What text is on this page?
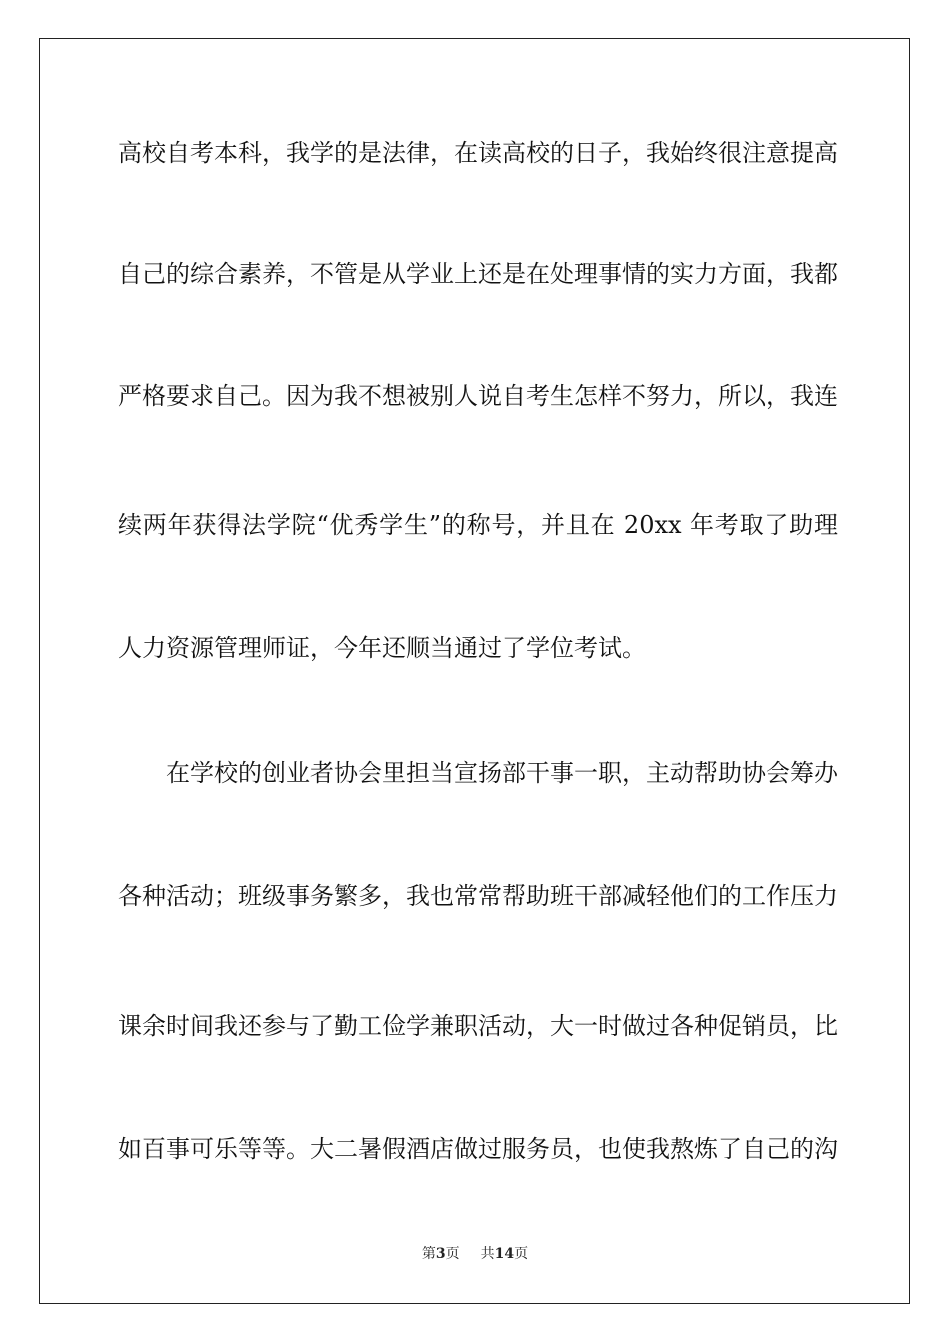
高校自考本科，我学的是法律，在读高校的日子，我始终很注意提高
自己的综合素养，不管是从学业上还是在处理事情的实力方面，我都
严格要求自己。因为我不想被别人说自考生怎样不努力，所以，我连
续两年获得法学院“优秀学生”的称号，并且在 20xx 年考取了助理
人力资源管理师证，今年还顺当通过了学位考试。
在学校的创业者协会里担当宣扬部干事一职，主动帮助协会筹办
各种活动；班级事务繁多，我也常常帮助班干部减轻他们的工作压力
课余时间我还参与了勤工俭学兼职活动，大一时做过各种促销员，比
如百事可乐等等。大二暑假酒店做过服务员，也使我熬炼了自己的沟
第3页 共14页
